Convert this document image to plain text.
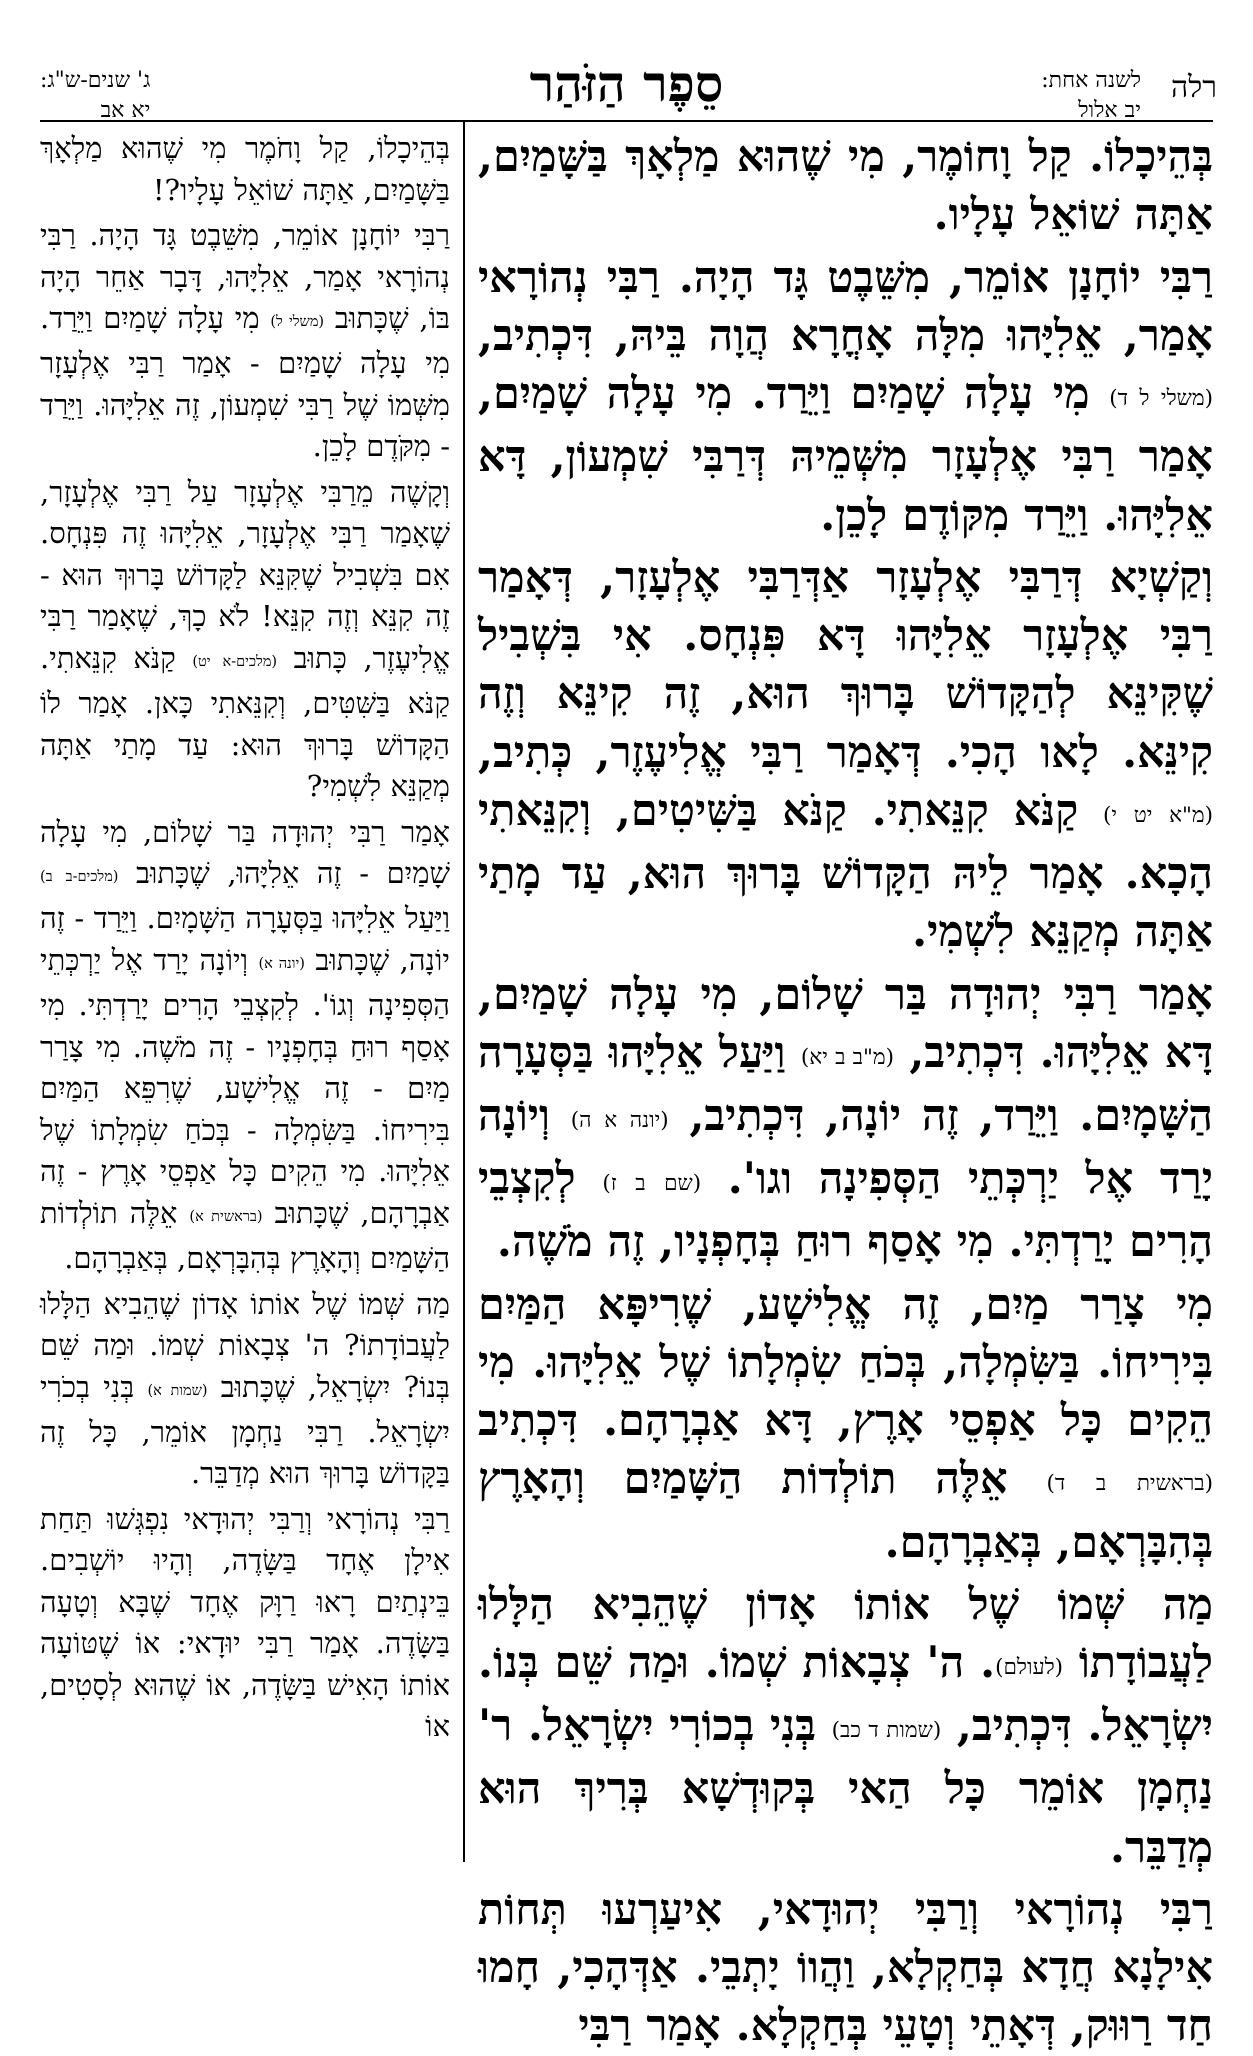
רלה
לשנה אחת:
יב אלול
סֵפֶר הַזֹּהַר
ג' שנים-ש"ג:
יא אב

בְּהֵיכָלוֹ. קַל וָחוֹמֶר, מִי שֶׁהוּא מַלְאָךְ בַּשָּׁמַיִם, אַתָּה שׁוֹאֵל עָלָיו.

רַבִּי יוֹחָנָן אוֹמֵר, מִשֵּׁבֶט גָּד הָיָה. רַבִּי נְהוֹרָאי אָמַר, אֵלִיָּהוּ מִלָּה אָחֳרָא הֲוָה בֵּיהּ, דִּכְתִיב, (משלי ל ד) מִי עָלָה שָׁמַיִם וַיֵּרַד. מִי עָלָה שָׁמַיִם, אָמַר רַבִּי אֶלְעָזָר מִשְּׁמֵיהּ דְּרַבִּי שִׁמְעוֹן, דָּא אֵלִיָּהוּ. וַיֵּרַד מִקּוֹדֶם לָכֵן.

וְקַשְׁיָא דְּרַבִּי אֶלְעָזָר אַדְּרַבִּי אֶלְעָזָר, דְּאָמַר רַבִּי אֶלְעָזָר אֵלִיָּהוּ דָּא פִּנְחָס. אִי בִּשְׁבִיל שֶׁקִּינֵּא לְהַקָּדוֹשׁ בָּרוּךְ הוּא, זֶה קִינֵּא וְזֶה קִינֵּא. לָאו הָכִי. דְּאָמַר רַבִּי אֱלִיעֶזֶר, כְּתִיב, (מ"א יט י) קַנֹּא קִנֵּאתִי. קַנֹּא בַּשִּׁיטִים, וְקִנֵּאתִי הָכָא. אָמַר לֵיהּ הַקָּדוֹשׁ בָּרוּךְ הוּא, עַד מָתַי אַתָּה מְקַנֵּא לִשְׁמִי.

אָמַר רַבִּי יְהוּדָה בַּר שָׁלוֹם, מִי עָלָה שָׁמַיִם, דָּא אֵלִיָּהוּ. דִּכְתִיב, (מ"ב ב יא) וַיַּעַל אֵלִיָּהוּ בַּסְּעָרָה הַשָּׁמָיִם. וַיֵּרַד, זֶה יוֹנָה, דִּכְתִיב, (יונה א ה) וְיוֹנָה יָרַד אֶל יַרְכְּתֵי הַסְּפִינָה וגו'. (שם ב ז) לְקִצְבֵי הָרִים יָרַדְתִּי. מִי אָסַף רוּחַ בְּחָפְנָיו, זֶה מֹשֶׁה.

מִי צָרַר מַיִם, זֶה אֱלִישָׁע, שֶׁרִיפָּא הַמַּיִם בִּירִיחוֹ. בַּשִּׂמְלָה, בְּכֹחַ שִׂמְלָתוֹ שֶׁל אֵלִיָּהוּ. מִי הֵקִים כָּל אַפְסֵי אָרֶץ, דָּא אַבְרָהָם. דִּכְתִיב (בראשית ב ד) אֵלֶּה תוֹלְדוֹת הַשָּׁמַיִם וְהָאָרֶץ בְּהִבָּרְאָם, בְּאַבְרָהָם.

מַה שְּׁמוֹ שֶׁל אוֹתוֹ אָדוֹן שֶׁהֵבִיא הַלָּלוּ לַעֲבוֹדָתוֹ (לעולם). ה' צְבָאוֹת שְׁמוֹ. וּמַה שֵּׁם בְּנוֹ. יִשְׂרָאֵל. דִּכְתִיב, (שמות ד כב) בְּנִי בְכוֹרִי יִשְׂרָאֵל. ר' נַחְמָן אוֹמֵר כָּל הַאי בְּקוּדְשָׁא בְּרִיךְ הוּא מְדַבֵּר.

רַבִּי נְהוֹרָאי וְרַבִּי יְהוּדָאי, אִיעַרְעוּ תְּחוֹת אִילָנָא חֲדָא בְּחַקְלָא, וַהֲווֹ יָתְבֵי. אַדְּהָכִי, חָמוּ חַד רַוּוּק, דְּאָתֵי וְטָעֵי בְּחַקְלָא. אָמַר רַבִּי

בְּהֵיכָלוֹ, קַל וָחֹמֶר מִי שֶׁהוּא מַלְאָךְ בַּשָּׁמַיִם, אַתָּה שׁוֹאֵל עָלָיו?!

רַבִּי יוֹחָנָן אוֹמֵר, מִשֵּׁבֶט גָּד הָיָה. רַבִּי נְהוֹרָאי אָמַר, אֵלִיָּהוּ, דָּבָר אַחֵר הָיָה בּוֹ, שֶׁכָּתוּב (משלי ל) מִי עָלָה שָׁמַיִם וַיֵּרַד. מִי עָלָה שָׁמַיִם - אָמַר רַבִּי אֶלְעָזָר מִשְּׁמוֹ שֶׁל רַבִּי שִׁמְעוֹן, זֶה אֵלִיָּהוּ. וַיֵּרַד - מִקֹּדֶם לָכֵן.

וְקָשֶׁה מֵרַבִּי אֶלְעָזָר עַל רַבִּי אֶלְעָזָר, שֶׁאָמַר רַבִּי אֶלְעָזָר, אֵלִיָּהוּ זֶה פִּנְחָס. אִם בִּשְׁבִיל שֶׁקִּנֵּא לַקָּדוֹשׁ בָּרוּךְ הוּא - זֶה קִנֵּא וְזֶה קִנֵּא! לֹא כָךְ, שֶׁאָמַר רַבִּי אֱלִיעֶזֶר, כָּתוּב (מלכים-א יט) קַנֹּא קִנֵּאתִי. קַנֹּא בַּשִּׁטִּים, וְקִנֵּאתִי כָּאן. אָמַר לוֹ הַקָּדוֹשׁ בָּרוּךְ הוּא: עַד מָתַי אַתָּה מְקַנֵּא לִשְׁמִי?

אָמַר רַבִּי יְהוּדָה בַּר שָׁלוֹם, מִי עָלָה שָׁמַיִם - זֶה אֵלִיָּהוּ, שֶׁכָּתוּב (מלכים-ב ב) וַיַּעַל אֵלִיָּהוּ בַּסְּעָרָה הַשָּׁמָיִם. וַיֵּרַד - זֶה יוֹנָה, שֶׁכָּתוּב (יונה א) וְיוֹנָה יָרַד אֶל יַרְכְּתֵי הַסְּפִינָה וְגוֹ'. לְקִצְבֵי הָרִים יָרַדְתִּי. מִי אָסַף רוּחַ בְּחָפְנָיו - זֶה מֹשֶׁה. מִי צָרַר מַיִם - זֶה אֱלִישָׁע, שֶׁרִפֵּא הַמַּיִם בִּירִיחוֹ. בַּשִּׂמְלָה - בְּכֹחַ שִׂמְלָתוֹ שֶׁל אֵלִיָּהוּ. מִי הֵקִים כָּל אַפְסֵי אָרֶץ - זֶה אַבְרָהָם, שֶׁכָּתוּב (בראשית א) אֵלֶּה תוֹלְדוֹת הַשָּׁמַיִם וְהָאָרֶץ בְּהִבָּרְאָם, בְּאַבְרָהָם.

מַה שְּׁמוֹ שֶׁל אוֹתוֹ אָדוֹן שֶׁהֵבִיא הַלָּלוּ לַעֲבוֹדָתוֹ? ה' צְבָאוֹת שְׁמוֹ. וּמַה שֵּׁם בְּנוֹ? יִשְׂרָאֵל, שֶׁכָּתוּב (שמות א) בְּנִי בְכֹרִי יִשְׂרָאֵל. רַבִּי נַחְמָן אוֹמֵר, כָּל זֶה בַּקָּדוֹשׁ בָּרוּךְ הוּא מְדַבֵּר.

רַבִּי נְהוֹרָאי וְרַבִּי יְהוּדָאי נִפְגְּשׁוּ תַּחַת אִילָן אֶחָד בַּשָּׂדֶה, וְהָיוּ יוֹשְׁבִים. בֵּינְתַיִם רָאוּ רַוָּק אֶחָד שֶׁבָּא וְטָעָה בַּשָּׂדֶה. אָמַר רַבִּי יוּדָאי: אוֹ שֶׁטּוֹעָה אוֹתוֹ הָאִישׁ בַּשָּׂדֶה, אוֹ שֶׁהוּא לְסָטִים, אוֹ
